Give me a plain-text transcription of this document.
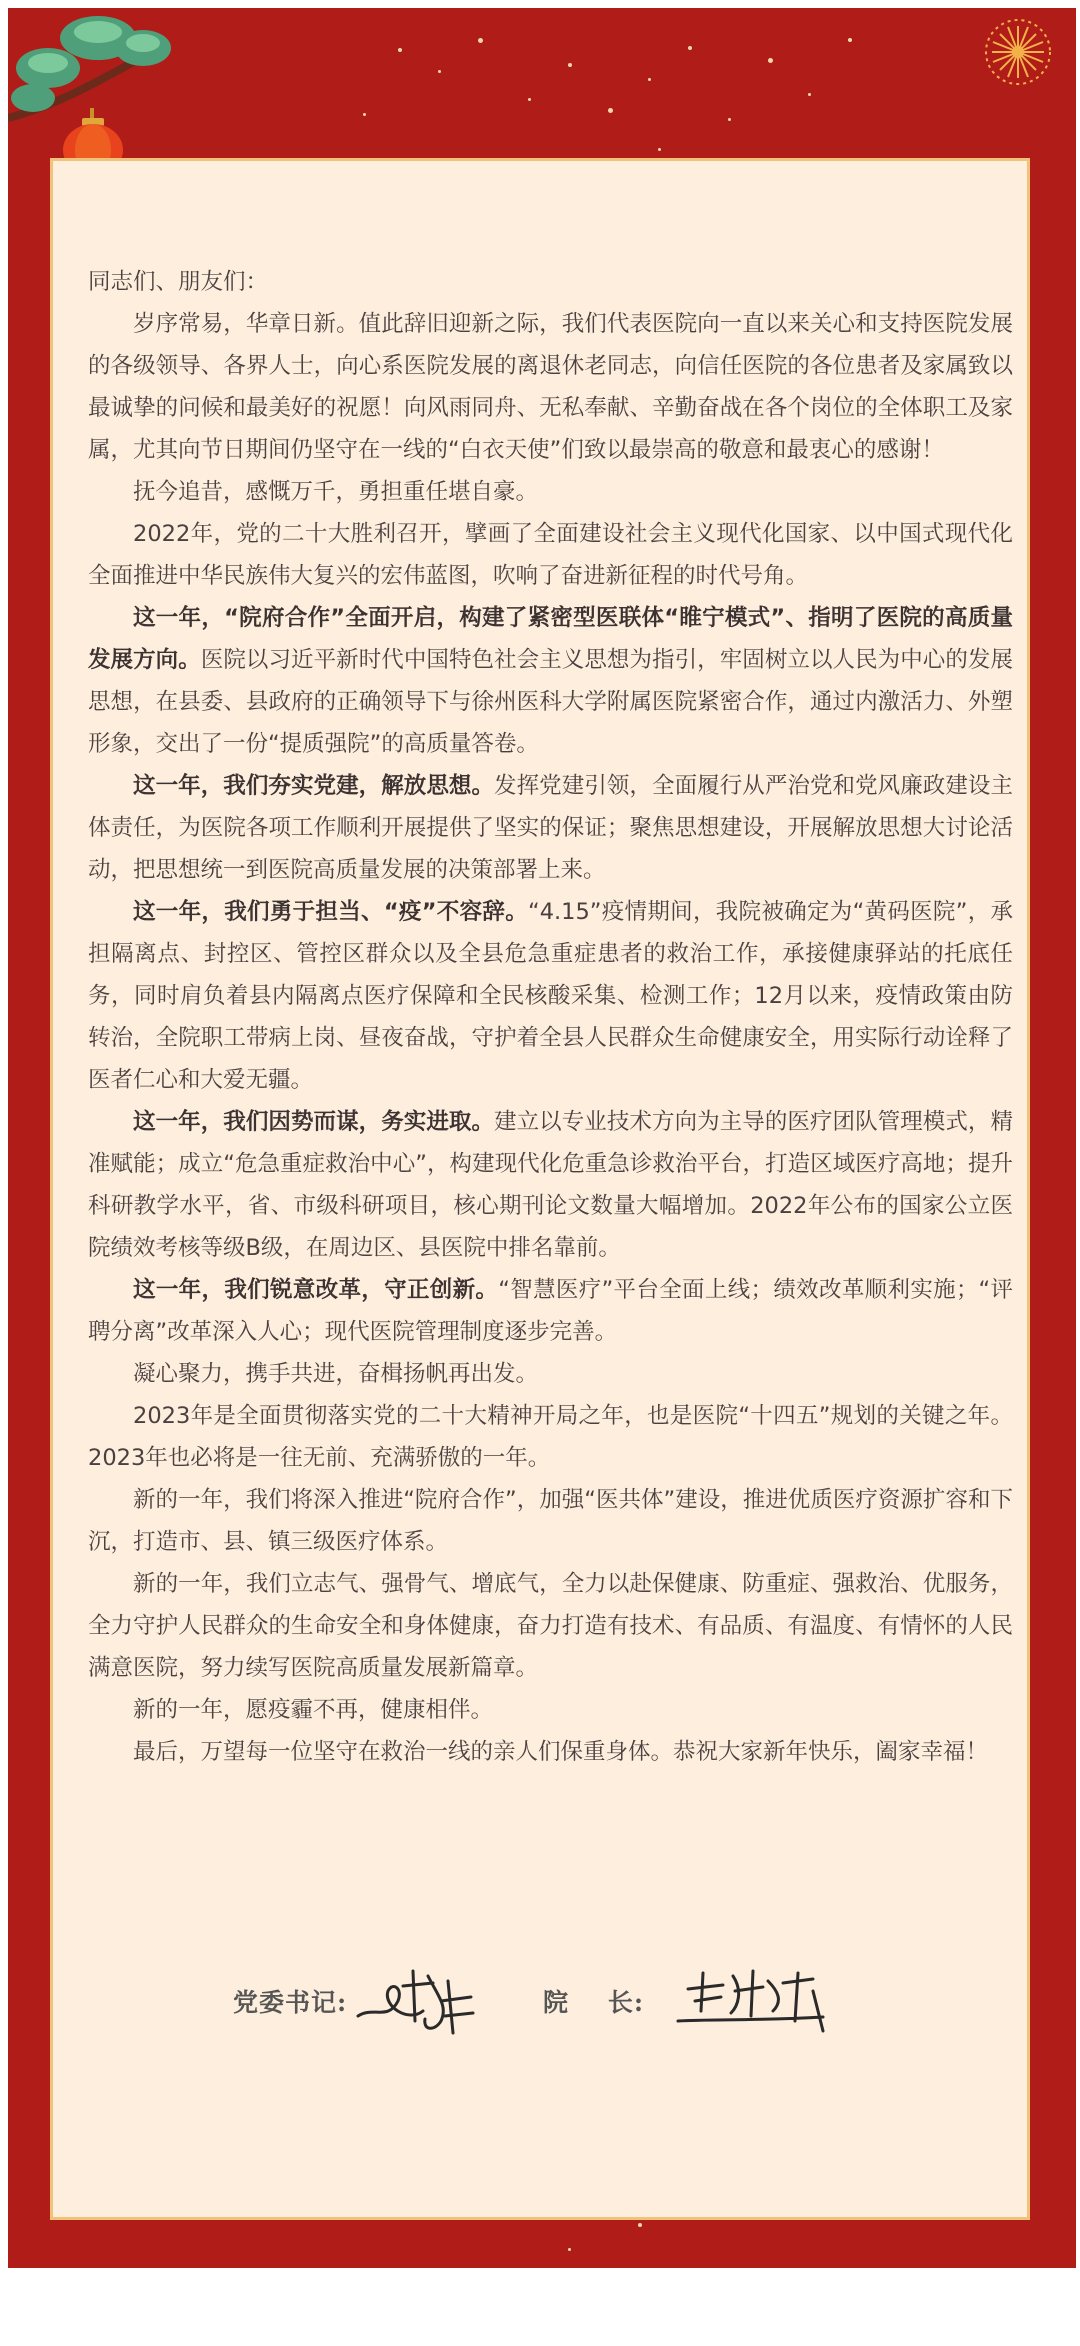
同志们、朋友们：

岁序常易，华章日新。值此辞旧迎新之际，我们代表医院向一直以来关心和支持医院发展的各级领导、各界人士，向心系医院发展的离退休老同志，向信任医院的各位患者及家属致以最诚挚的问候和最美好的祝愿！向风雨同舟、无私奉献、辛勤奋战在各个岗位的全体职工及家属，尤其向节日期间仍坚守在一线的“白衣天使”们致以最崇高的敬意和最衷心的感谢！

抚今追昔，感慨万千，勇担重任堪自豪。

2022年，党的二十大胜利召开，擘画了全面建设社会主义现代化国家、以中国式现代化全面推进中华民族伟大复兴的宏伟蓝图，吹响了奋进新征程的时代号角。

这一年，“院府合作”全面开启，构建了紧密型医联体“睢宁模式”、指明了医院的高质量发展方向。医院以习近平新时代中国特色社会主义思想为指引，牢固树立以人民为中心的发展思想，在县委、县政府的正确领导下与徐州医科大学附属医院紧密合作，通过内激活力、外塑形象，交出了一份“提质强院”的高质量答卷。

这一年，我们夯实党建，解放思想。发挥党建引领，全面履行从严治党和党风廉政建设主体责任，为医院各项工作顺利开展提供了坚实的保证；聚焦思想建设，开展解放思想大讨论活动，把思想统一到医院高质量发展的决策部署上来。

这一年，我们勇于担当、“疫”不容辞。“4.15”疫情期间，我院被确定为“黄码医院”，承担隔离点、封控区、管控区群众以及全县危急重症患者的救治工作，承接健康驿站的托底任务，同时肩负着县内隔离点医疗保障和全民核酸采集、检测工作；12月以来，疫情政策由防转治，全院职工带病上岗、昼夜奋战，守护着全县人民群众生命健康安全，用实际行动诠释了医者仁心和大爱无疆。

这一年，我们因势而谋，务实进取。建立以专业技术方向为主导的医疗团队管理模式，精准赋能；成立“危急重症救治中心”，构建现代化危重急诊救治平台，打造区域医疗高地；提升科研教学水平，省、市级科研项目，核心期刊论文数量大幅增加。2022年公布的国家公立医院绩效考核等级B级，在周边区、县医院中排名靠前。

这一年，我们锐意改革，守正创新。“智慧医疗”平台全面上线；绩效改革顺利实施；“评聘分离”改革深入人心；现代医院管理制度逐步完善。

凝心聚力，携手共进，奋楫扬帆再出发。

2023年是全面贯彻落实党的二十大精神开局之年，也是医院“十四五”规划的关键之年。2023年也必将是一往无前、充满骄傲的一年。

新的一年，我们将深入推进“院府合作”，加强“医共体”建设，推进优质医疗资源扩容和下沉，打造市、县、镇三级医疗体系。

新的一年，我们立志气、强骨气、增底气，全力以赴保健康、防重症、强救治、优服务，全力守护人民群众的生命安全和身体健康，奋力打造有技术、有品质、有温度、有情怀的人民满意医院，努力续写医院高质量发展新篇章。

新的一年，愿疫霾不再，健康相伴。

最后，万望每一位坚守在救治一线的亲人们保重身体。恭祝大家新年快乐，阖家幸福！

党委书记:	院    长:
